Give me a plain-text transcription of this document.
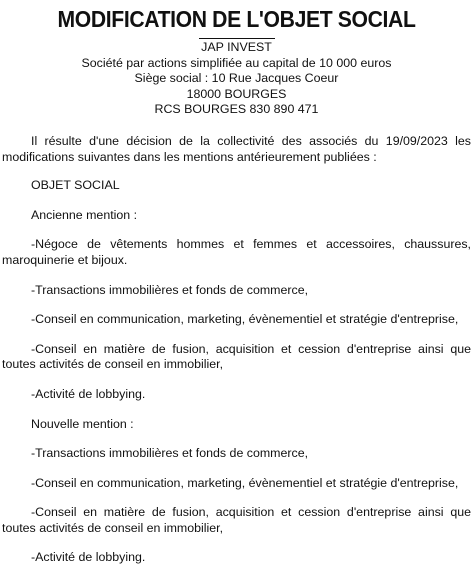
MODIFICATION DE L'OBJET SOCIAL
JAP INVEST
Société par actions simplifiée au capital de 10 000 euros
Siège social : 10 Rue Jacques Coeur
18000 BOURGES
RCS BOURGES 830 890 471

Il résulte d'une décision de la collectivité des associés du 19/09/2023 les modifications suivantes dans les mentions antérieurement publiées :

OBJET SOCIAL

Ancienne mention :

-Négoce de vêtements hommes et femmes et accessoires, chaussures, maroquinerie et bijoux.

-Transactions immobilières et fonds de commerce,

-Conseil en communication, marketing, évènementiel et stratégie d'entreprise,

-Conseil en matière de fusion, acquisition et cession d'entreprise ainsi que toutes activités de conseil en immobilier,

-Activité de lobbying.

Nouvelle mention :

-Transactions immobilières et fonds de commerce,

-Conseil en communication, marketing, évènementiel et stratégie d'entreprise,

-Conseil en matière de fusion, acquisition et cession d'entreprise ainsi que toutes activités de conseil en immobilier,

-Activité de lobbying.
